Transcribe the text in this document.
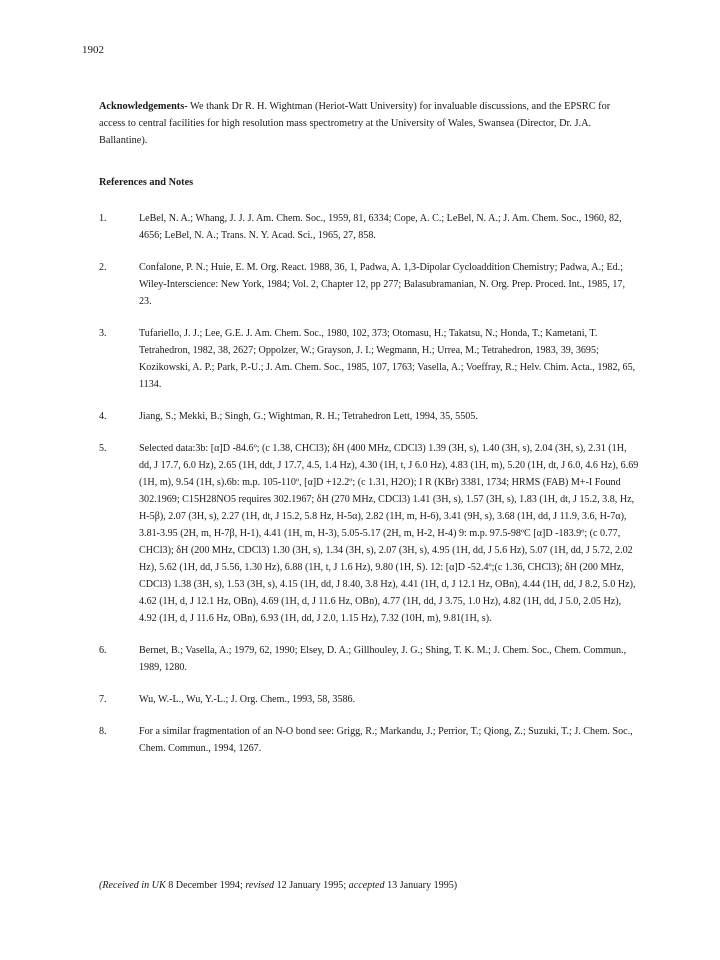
1902
Acknowledgements- We thank Dr R. H. Wightman (Heriot-Watt University) for invaluable discussions, and the EPSRC for access to central facilities for high resolution mass spectrometry at the University of Wales, Swansea (Director, Dr. J.A. Ballantine).
References and Notes
1.	LeBel, N. A.; Whang, J. J. J. Am. Chem. Soc., 1959, 81, 6334; Cope, A. C.; LeBel, N. A.; J. Am. Chem. Soc., 1960, 82, 4656; LeBel, N. A.; Trans. N. Y. Acad. Sci., 1965, 27, 858.
2.	Confalone, P. N.; Huie, E. M. Org. React. 1988, 36, 1, Padwa, A. 1,3-Dipolar Cycloaddition Chemistry; Padwa, A.; Ed.; Wiley-Interscience: New York, 1984; Vol. 2, Chapter 12, pp 277; Balasubramanian, N. Org. Prep. Proced. Int., 1985, 17, 23.
3.	Tufariello, J. J.; Lee, G.E. J. Am. Chem. Soc., 1980, 102, 373; Otomasu, H.; Takatsu, N.; Honda, T.; Kametani, T. Tetrahedron, 1982, 38, 2627; Oppolzer, W.; Grayson, J. I.; Wegmann, H.; Urrea, M.; Tetrahedron, 1983, 39, 3695; Kozikowski, A. P.; Park, P.-U.; J. Am. Chem. Soc., 1985, 107, 1763; Vasella, A.; Voeffray, R.; Helv. Chim. Acta., 1982, 65, 1134.
4.	Jiang, S.; Mekki, B.; Singh, G.; Wightman, R. H.; Tetrahedron Lett, 1994, 35, 5505.
5.	Selected data:3b: [α]D -84.6º; (c 1.38, CHCl3); δH (400 MHz, CDCl3) 1.39 (3H, s), 1.40 (3H, s), 2.04 (3H, s), 2.31 (1H, dd, J 17.7, 6.0 Hz), 2.65 (1H, ddt, J 17.7, 4.5, 1.4 Hz), 4.30 (1H, t, J 6.0 Hz), 4.83 (1H, m), 5.20 (1H, dt, J 6.0, 4.6 Hz), 6.69 (1H, m), 9.54 (1H, s).6b: m.p. 105-110º, [α]D +12.2º; (c 1.31, H2O); I R (KBr) 3381, 1734; HRMS (FAB) M+-I Found 302.1969; C15H28NO5 requires 302.1967; δH (270 MHz, CDCl3) 1.41 (3H, s), 1.57 (3H, s), 1.83 (1H, dt, J 15.2, 3.8, Hz, H-5β), 2.07 (3H, s), 2.27 (1H, dt, J 15.2, 5.8 Hz, H-5α), 2.82 (1H, m, H-6), 3.41 (9H, s), 3.68 (1H, dd, J 11.9, 3.6, H-7α), 3.81-3.95 (2H, m, H-7β, H-1), 4.41 (1H, m, H-3), 5.05-5.17 (2H, m, H-2, H-4) 9: m.p. 97.5-98ºC [α]D -183.9º; (c 0.77, CHCl3); δH (200 MHz, CDCl3) 1.30 (3H, s), 1.34 (3H, s), 2.07 (3H, s), 4.95 (1H, dd, J 5.6 Hz), 5.07 (1H, dd, J 5.72, 2.02 Hz), 5.62 (1H, dd, J 5.56, 1.30 Hz), 6.88 (1H, t, J 1.6 Hz), 9.80 (1H, S). 12: [α]D -52.4º;(c 1.36, CHCl3); δH (200 MHz, CDCl3) 1.38 (3H, s), 1.53 (3H, s), 4.15 (1H, dd, J 8.40, 3.8 Hz), 4.41 (1H, d, J 12.1 Hz, OBn), 4.44 (1H, dd, J 8.2, 5.0 Hz), 4.62 (1H, d, J 12.1 Hz, OBn), 4.69 (1H, d, J 11.6 Hz, OBn), 4.77 (1H, dd, J 3.75, 1.0 Hz), 4.82 (1H, dd, J 5.0, 2.05 Hz), 4.92 (1H, d, J 11.6 Hz, OBn), 6.93 (1H, dd, J 2.0, 1.15 Hz), 7.32 (10H, m), 9.81(1H, s).
6.	Bernet, B.; Vasella, A.; 1979, 62, 1990; Elsey, D. A.; Gillhouley, J. G.; Shing, T. K. M.; J. Chem. Soc., Chem. Commun., 1989, 1280.
7.	Wu, W.-L., Wu, Y.-L.; J. Org. Chem., 1993, 58, 3586.
8.	For a similar fragmentation of an N-O bond see: Grigg, R.; Markandu, J.; Perrior, T.; Qiong, Z.; Suzuki, T.; J. Chem. Soc., Chem. Commun., 1994, 1267.
(Received in UK 8 December 1994; revised 12 January 1995; accepted 13 January 1995)
